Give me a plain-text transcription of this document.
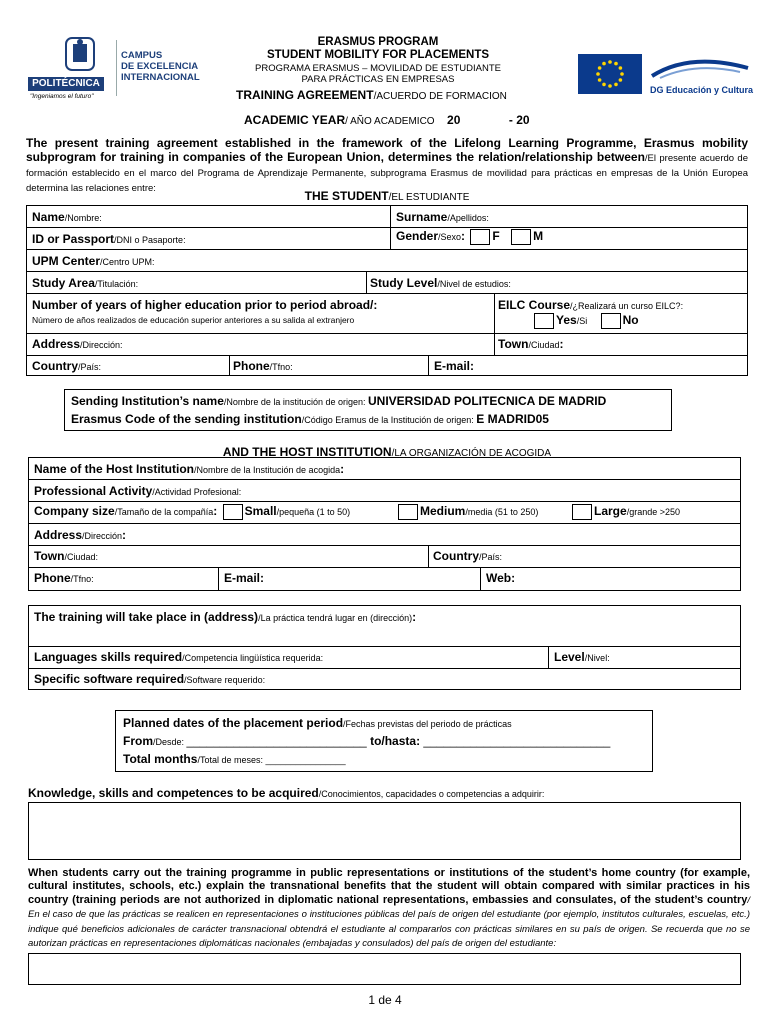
POLITÉCNICA
"Ingeniamos el futuro"
CAMPUS
DE EXCELENCIA
INTERNACIONAL
ERASMUS PROGRAM
STUDENT MOBILITY FOR PLACEMENTS
PROGRAMA ERASMUS – MOVILIDAD DE ESTUDIANTE
PARA PRÁCTICAS EN EMPRESAS
TRAINING AGREEMENT/ACUERDO DE FORMACION
ACADEMIC YEAR/ AÑO ACADEMICO 20	- 20
DG Educación y Cultura
The present training agreement established in the framework of the Lifelong Learning Programme, Erasmus mobility subprogram for training in companies of the European Union, determines the relation/relationship between/El presente acuerdo de formación establecido en el marco del Programa de Aprendizaje Permanente, subprograma Erasmus de movilidad para prácticas en empresas de la Unión Europea determina las relaciones entre:
THE STUDENT/EL ESTUDIANTE
Name/Nombre:	Surname/Apellidos:
ID or Passport/DNI o Pasaporte:	Gender/Sexo: F	M
UPM Center/Centro UPM:
Study Area/Titulación:	Study Level/Nivel de estudios:
Number of years of higher education prior to period abroad/:
Número de años realizados de educación superior anteriores a su salida al extranjero
EILC Course/¿Realizará un curso EILC?:
Yes/Si	No
Address/Dirección:	Town/Ciudad:
Country/País:	Phone/Tfno:	E-mail:
Sending Institution’s name/Nombre de la institución de origen: UNIVERSIDAD POLITECNICA DE MADRID
Erasmus Code of the sending institution/Código Eramus de la Institución de origen: E MADRID05
AND THE HOST INSTITUTION/LA ORGANIZACIÓN DE ACOGIDA
Name of the Host Institution/Nombre de la Institución de acogida:
Professional Activity/Actividad Profesional:
Company size/Tamaño de la compañía: Small/pequeña (1 to 50)	Medium/media (51 to 250)	Large/grande >250
Address/Dirección:
Town/Ciudad:	Country/País:
Phone/Tfno:	E-mail:	Web:
The training will take place in (address)/La práctica tendrá lugar en (dirección):
Languages skills required/Competencia lingüística requerida:	Level/Nivel:
Specific software required/Software requerido:
Planned dates of the placement period/Fechas previstas del periodo de prácticas
From/Desde: ___________________________ to/hasta: ____________________________
Total months/Total de meses: ________________
Knowledge, skills and competences to be acquired/Conocimientos, capacidades o competencias a adquirir:
When students carry out the training programme in public representations or institutions of the student’s home country (for example, cultural institutes, schools, etc.) explain the transnational benefits that the student will obtain compared with similar practices in his country (training periods are not authorized in diplomatic national representations, embassies and consulates, of the student’s country/ En el caso de que las prácticas se realicen en representaciones o instituciones públicas del país de origen del estudiante (por ejemplo, institutos culturales, escuelas, etc.) indique qué beneficios adicionales de carácter transnacional obtendrá el estudiante al compararlos con prácticas similares en su país de origen. Se recuerda que no se autorizan prácticas en representaciones diplomáticas nacionales (embajadas y consulados) del país de origen del estudiante:
1 de 4
